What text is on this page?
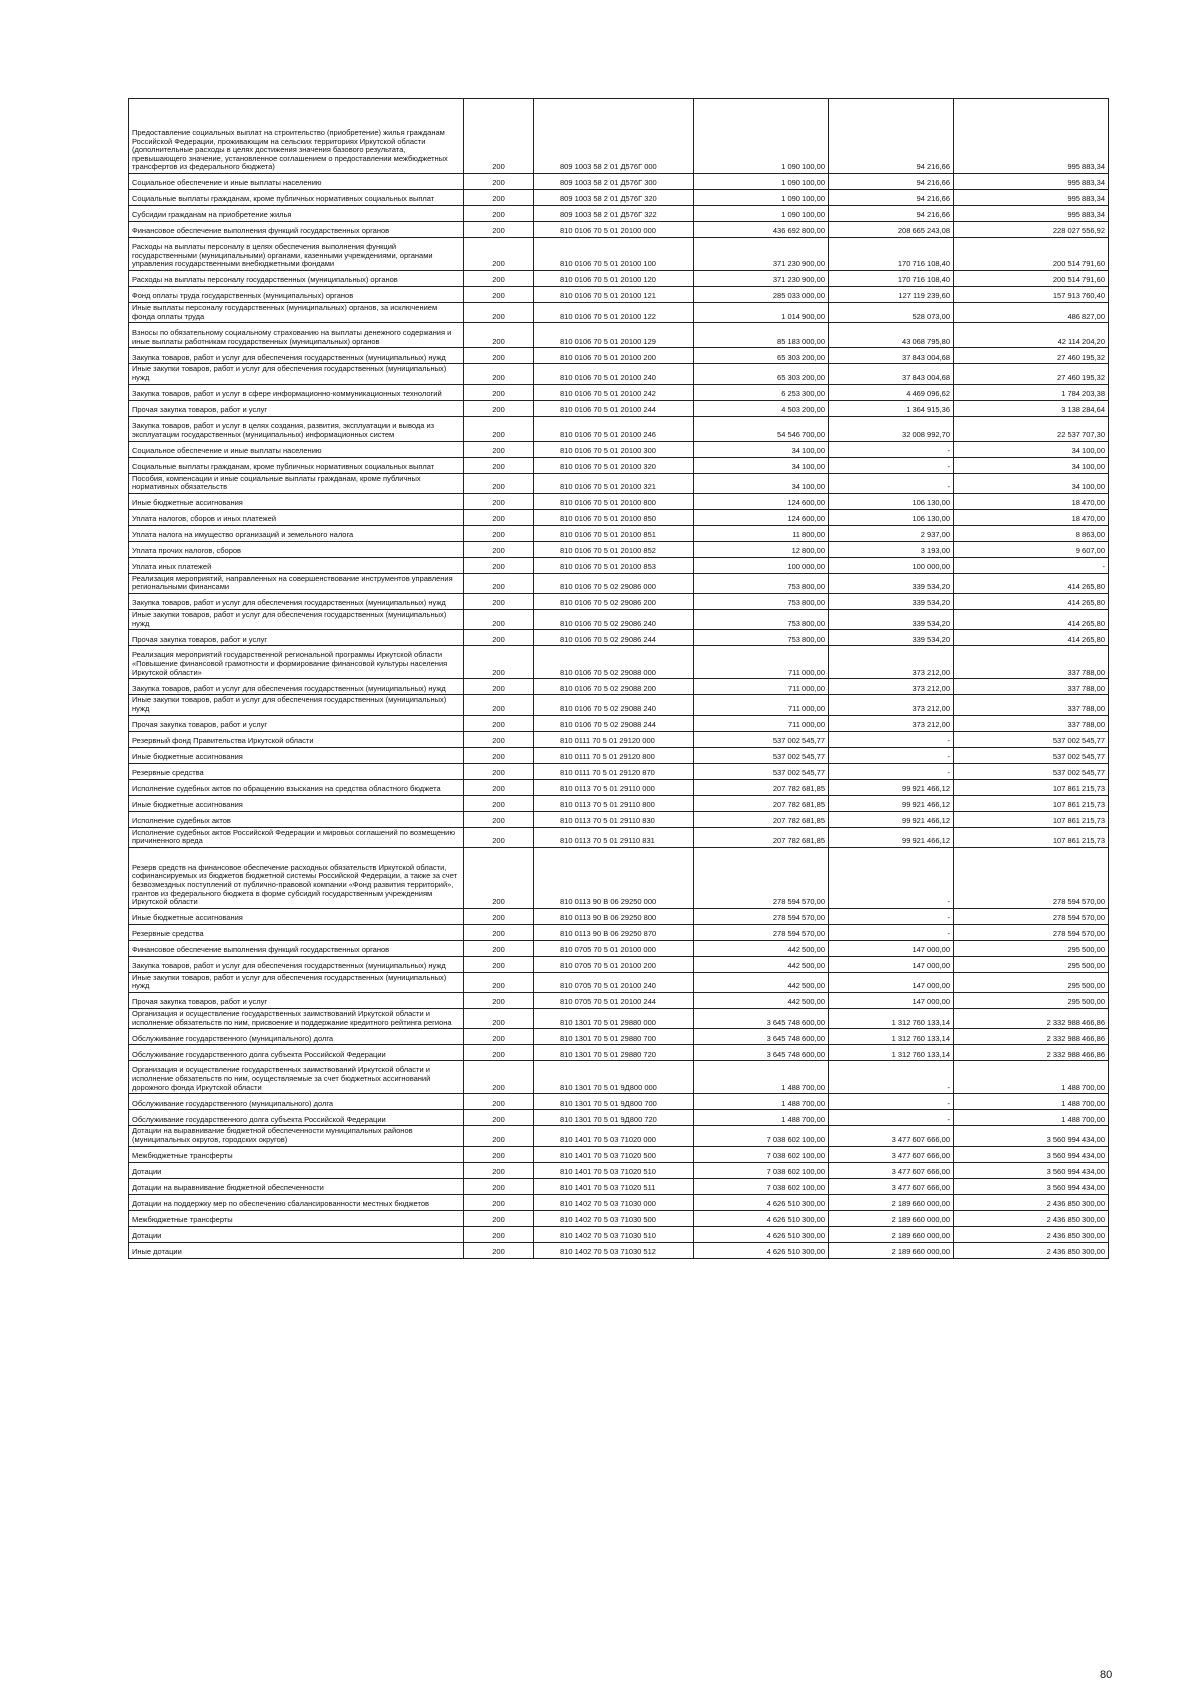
Предоставление социальных выплат на строительство (приобретение) жилья гражданам Российской Федерации, проживающим на сельских территориях Иркутской области (дополнительные расходы в целях достижения значения базового результата, превышающего значение, установленное соглашением о предоставлении межбюджетных трансфертов из федерального бюджета)	200	809 1003 58 2 01 Д576Г 000	1 090 100,00	94 216,66	995 883,34
Социальное обеспечение и иные выплаты населению	200	809 1003 58 2 01 Д576Г 300	1 090 100,00	94 216,66	995 883,34
Социальные выплаты гражданам, кроме публичных нормативных социальных выплат	200	809 1003 58 2 01 Д576Г 320	1 090 100,00	94 216,66	995 883,34
Субсидии гражданам на приобретение жилья	200	809 1003 58 2 01 Д576Г 322	1 090 100,00	94 216,66	995 883,34
Финансовое обеспечение выполнения функций государственных органов	200	810 0106 70 5 01 20100 000	436 692 800,00	208 665 243,08	228 027 556,92
Расходы на выплаты персоналу в целях обеспечения выполнения функций государственными (муниципальными) органами, казенными учреждениями, органами управления государственными внебюджетными фондами	200	810 0106 70 5 01 20100 100	371 230 900,00	170 716 108,40	200 514 791,60
Расходы на выплаты персоналу государственных (муниципальных) органов	200	810 0106 70 5 01 20100 120	371 230 900,00	170 716 108,40	200 514 791,60
Фонд оплаты труда государственных (муниципальных) органов	200	810 0106 70 5 01 20100 121	285 033 000,00	127 119 239,60	157 913 760,40
Иные выплаты персоналу государственных (муниципальных) органов, за исключением фонда оплаты труда	200	810 0106 70 5 01 20100 122	1 014 900,00	528 073,00	486 827,00
Взносы по обязательному социальному страхованию на выплаты денежного содержания и иные выплаты работникам государственных (муниципальных) органов	200	810 0106 70 5 01 20100 129	85 183 000,00	43 068 795,80	42 114 204,20
Закупка товаров, работ и услуг для обеспечения государственных (муниципальных) нужд	200	810 0106 70 5 01 20100 200	65 303 200,00	37 843 004,68	27 460 195,32
Иные закупки товаров, работ и услуг для обеспечения государственных (муниципальных) нужд	200	810 0106 70 5 01 20100 240	65 303 200,00	37 843 004,68	27 460 195,32
Закупка товаров, работ и услуг в сфере информационно-коммуникационных технологий	200	810 0106 70 5 01 20100 242	6 253 300,00	4 469 096,62	1 784 203,38
Прочая закупка товаров, работ и услуг	200	810 0106 70 5 01 20100 244	4 503 200,00	1 364 915,36	3 138 284,64
Закупка товаров, работ и услуг в целях создания, развития, эксплуатации и вывода из эксплуатации государственных (муниципальных) информационных систем	200	810 0106 70 5 01 20100 246	54 546 700,00	32 008 992,70	22 537 707,30
Социальное обеспечение и иные выплаты населению	200	810 0106 70 5 01 20100 300	34 100,00	-	34 100,00
Социальные выплаты гражданам, кроме публичных нормативных социальных выплат	200	810 0106 70 5 01 20100 320	34 100,00	-	34 100,00
Пособия, компенсации и иные социальные выплаты гражданам, кроме публичных нормативных обязательств	200	810 0106 70 5 01 20100 321	34 100,00	-	34 100,00
Иные бюджетные ассигнования	200	810 0106 70 5 01 20100 800	124 600,00	106 130,00	18 470,00
Уплата налогов, сборов и иных платежей	200	810 0106 70 5 01 20100 850	124 600,00	106 130,00	18 470,00
Уплата налога на имущество организаций и земельного налога	200	810 0106 70 5 01 20100 851	11 800,00	2 937,00	8 863,00
Уплата прочих налогов, сборов	200	810 0106 70 5 01 20100 852	12 800,00	3 193,00	9 607,00
Уплата иных платежей	200	810 0106 70 5 01 20100 853	100 000,00	100 000,00	-
Реализация мероприятий, направленных на совершенствование инструментов управления региональными финансами	200	810 0106 70 5 02 29086 000	753 800,00	339 534,20	414 265,80
Закупка товаров, работ и услуг для обеспечения государственных (муниципальных) нужд	200	810 0106 70 5 02 29086 200	753 800,00	339 534,20	414 265,80
Иные закупки товаров, работ и услуг для обеспечения государственных (муниципальных) нужд	200	810 0106 70 5 02 29086 240	753 800,00	339 534,20	414 265,80
Прочая закупка товаров, работ и услуг	200	810 0106 70 5 02 29086 244	753 800,00	339 534,20	414 265,80
Реализация мероприятий государственной региональной программы Иркутской области «Повышение финансовой грамотности и формирование финансовой культуры населения Иркутской области»	200	810 0106 70 5 02 29088 000	711 000,00	373 212,00	337 788,00
Закупка товаров, работ и услуг для обеспечения государственных (муниципальных) нужд	200	810 0106 70 5 02 29088 200	711 000,00	373 212,00	337 788,00
Иные закупки товаров, работ и услуг для обеспечения государственных (муниципальных) нужд	200	810 0106 70 5 02 29088 240	711 000,00	373 212,00	337 788,00
Прочая закупка товаров, работ и услуг	200	810 0106 70 5 02 29088 244	711 000,00	373 212,00	337 788,00
Резервный фонд Правительства Иркутской области	200	810 0111 70 5 01 29120 000	537 002 545,77	-	537 002 545,77
Иные бюджетные ассигнования	200	810 0111 70 5 01 29120 800	537 002 545,77	-	537 002 545,77
Резервные средства	200	810 0111 70 5 01 29120 870	537 002 545,77	-	537 002 545,77
Исполнение судебных актов по обращению взыскания на средства областного бюджета	200	810 0113 70 5 01 29110 000	207 782 681,85	99 921 466,12	107 861 215,73
Иные бюджетные ассигнования	200	810 0113 70 5 01 29110 800	207 782 681,85	99 921 466,12	107 861 215,73
Исполнение судебных актов	200	810 0113 70 5 01 29110 830	207 782 681,85	99 921 466,12	107 861 215,73
Исполнение судебных актов Российской Федерации и мировых соглашений по возмещению причиненного вреда	200	810 0113 70 5 01 29110 831	207 782 681,85	99 921 466,12	107 861 215,73
Резерв средств на финансовое обеспечение расходных обязательств Иркутской области, софинансируемых из бюджетов бюджетной системы Российской Федерации, а также за счет безвозмездных поступлений от публично-правовой компании «Фонд развития территорий», грантов из федерального бюджета в форме субсидий государственным учреждениям Иркутской области	200	810 0113 90 В 06 29250 000	278 594 570,00	-	278 594 570,00
Иные бюджетные ассигнования	200	810 0113 90 В 06 29250 800	278 594 570,00	-	278 594 570,00
Резервные средства	200	810 0113 90 В 06 29250 870	278 594 570,00	-	278 594 570,00
Финансовое обеспечение выполнения функций государственных органов	200	810 0705 70 5 01 20100 000	442 500,00	147 000,00	295 500,00
Закупка товаров, работ и услуг для обеспечения государственных (муниципальных) нужд	200	810 0705 70 5 01 20100 200	442 500,00	147 000,00	295 500,00
Иные закупки товаров, работ и услуг для обеспечения государственных (муниципальных) нужд	200	810 0705 70 5 01 20100 240	442 500,00	147 000,00	295 500,00
Прочая закупка товаров, работ и услуг	200	810 0705 70 5 01 20100 244	442 500,00	147 000,00	295 500,00
Организация и осуществление государственных заимствований Иркутской области и исполнение обязательств по ним, присвоение и поддержание кредитного рейтинга региона	200	810 1301 70 5 01 29880 000	3 645 748 600,00	1 312 760 133,14	2 332 988 466,86
Обслуживание государственного (муниципального) долга	200	810 1301 70 5 01 29880 700	3 645 748 600,00	1 312 760 133,14	2 332 988 466,86
Обслуживание государственного долга субъекта Российской Федерации	200	810 1301 70 5 01 29880 720	3 645 748 600,00	1 312 760 133,14	2 332 988 466,86
Организация и осуществление государственных заимствований Иркутской области и исполнение обязательств по ним, осуществляемые за счет бюджетных ассигнований дорожного фонда Иркутской области	200	810 1301 70 5 01 9Д800 000	1 488 700,00	-	1 488 700,00
Обслуживание государственного (муниципального) долга	200	810 1301 70 5 01 9Д800 700	1 488 700,00	-	1 488 700,00
Обслуживание государственного долга субъекта Российской Федерации	200	810 1301 70 5 01 9Д800 720	1 488 700,00	-	1 488 700,00
Дотации на выравнивание бюджетной обеспеченности муниципальных районов (муниципальных округов, городских округов)	200	810 1401 70 5 03 71020 000	7 038 602 100,00	3 477 607 666,00	3 560 994 434,00
Межбюджетные трансферты	200	810 1401 70 5 03 71020 500	7 038 602 100,00	3 477 607 666,00	3 560 994 434,00
Дотации	200	810 1401 70 5 03 71020 510	7 038 602 100,00	3 477 607 666,00	3 560 994 434,00
Дотации на выравнивание бюджетной обеспеченности	200	810 1401 70 5 03 71020 511	7 038 602 100,00	3 477 607 666,00	3 560 994 434,00
Дотации на поддержку мер по обеспечению сбалансированности местных бюджетов	200	810 1402 70 5 03 71030 000	4 626 510 300,00	2 189 660 000,00	2 436 850 300,00
Межбюджетные трансферты	200	810 1402 70 5 03 71030 500	4 626 510 300,00	2 189 660 000,00	2 436 850 300,00
Дотации	200	810 1402 70 5 03 71030 510	4 626 510 300,00	2 189 660 000,00	2 436 850 300,00
Иные дотации	200	810 1402 70 5 03 71030 512	4 626 510 300,00	2 189 660 000,00	2 436 850 300,00
80
